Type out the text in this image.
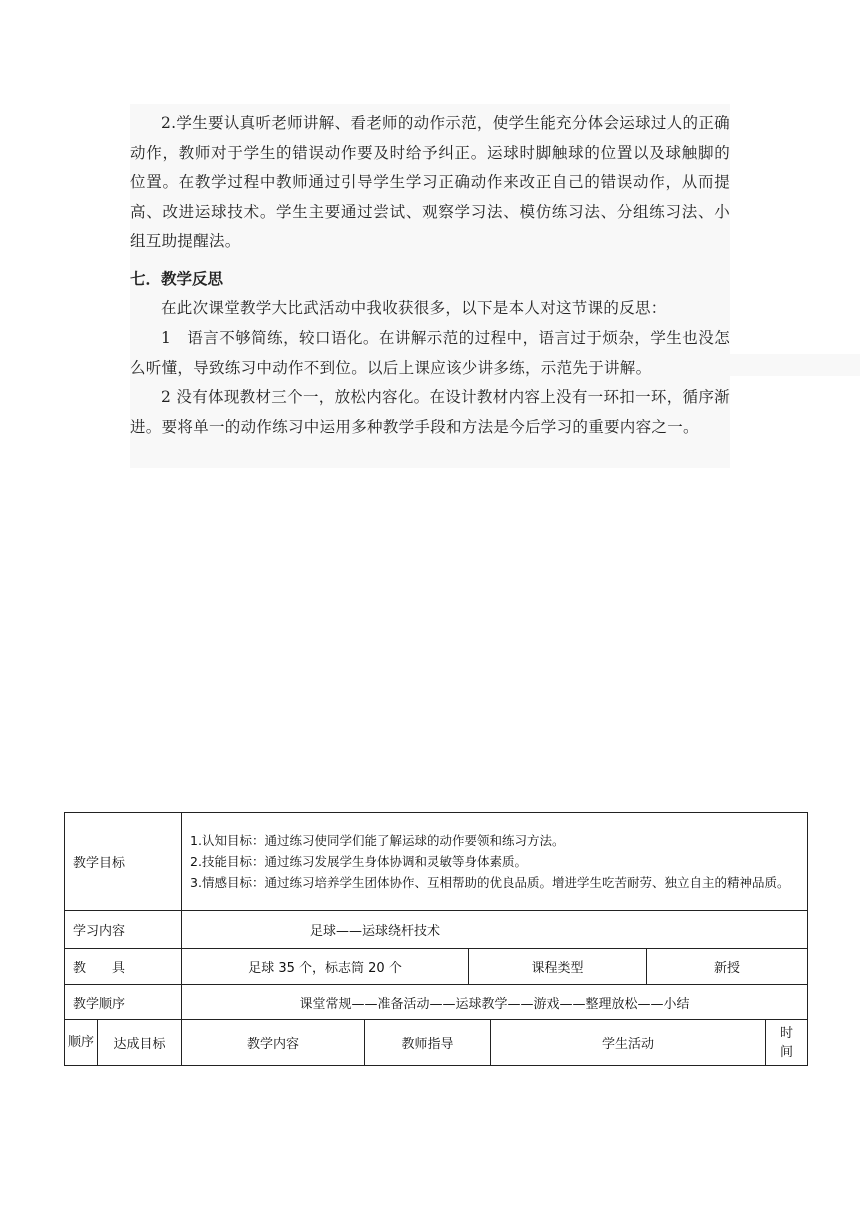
2.学生要认真听老师讲解、看老师的动作示范，使学生能充分体会运球过人的正确动作，教师对于学生的错误动作要及时给予纠正。运球时脚触球的位置以及球触脚的位置。在教学过程中教师通过引导学生学习正确动作来改正自己的错误动作，从而提高、改进运球技术。学生主要通过尝试、观察学习法、模仿练习法、分组练习法、小组互助提醒法。

七．教学反思

在此次课堂教学大比武活动中我收获很多，以下是本人对这节课的反思：

1　语言不够简练，较口语化。在讲解示范的过程中，语言过于烦杂，学生也没怎么听懂，导致练习中动作不到位。以后上课应该少讲多练，示范先于讲解。

2 没有体现教材三个一，放松内容化。在设计教材内容上没有一环扣一环，循序渐进。要将单一的动作练习中运用多种教学手段和方法是今后学习的重要内容之一。

教学目标		1.认知目标：通过练习使同学们能了解运球的动作要领和练习方法。
2.技能目标：通过练习发展学生身体协调和灵敏等身体素质。
3.情感目标：通过练习培养学生团体协作、互相帮助的优良品质。增进学生吃苦耐劳、独立自主的精神品质。					

学习内容		足球——运球绕杆技术					
教　　具		足球 35 个，标志筒 20 个		课程类型		新授	
教学顺序		课堂常规——准备活动——运球教学——游戏——整理放松——小结					
顺序	达成目标	教学内容	教师指导		学生活动		时间
